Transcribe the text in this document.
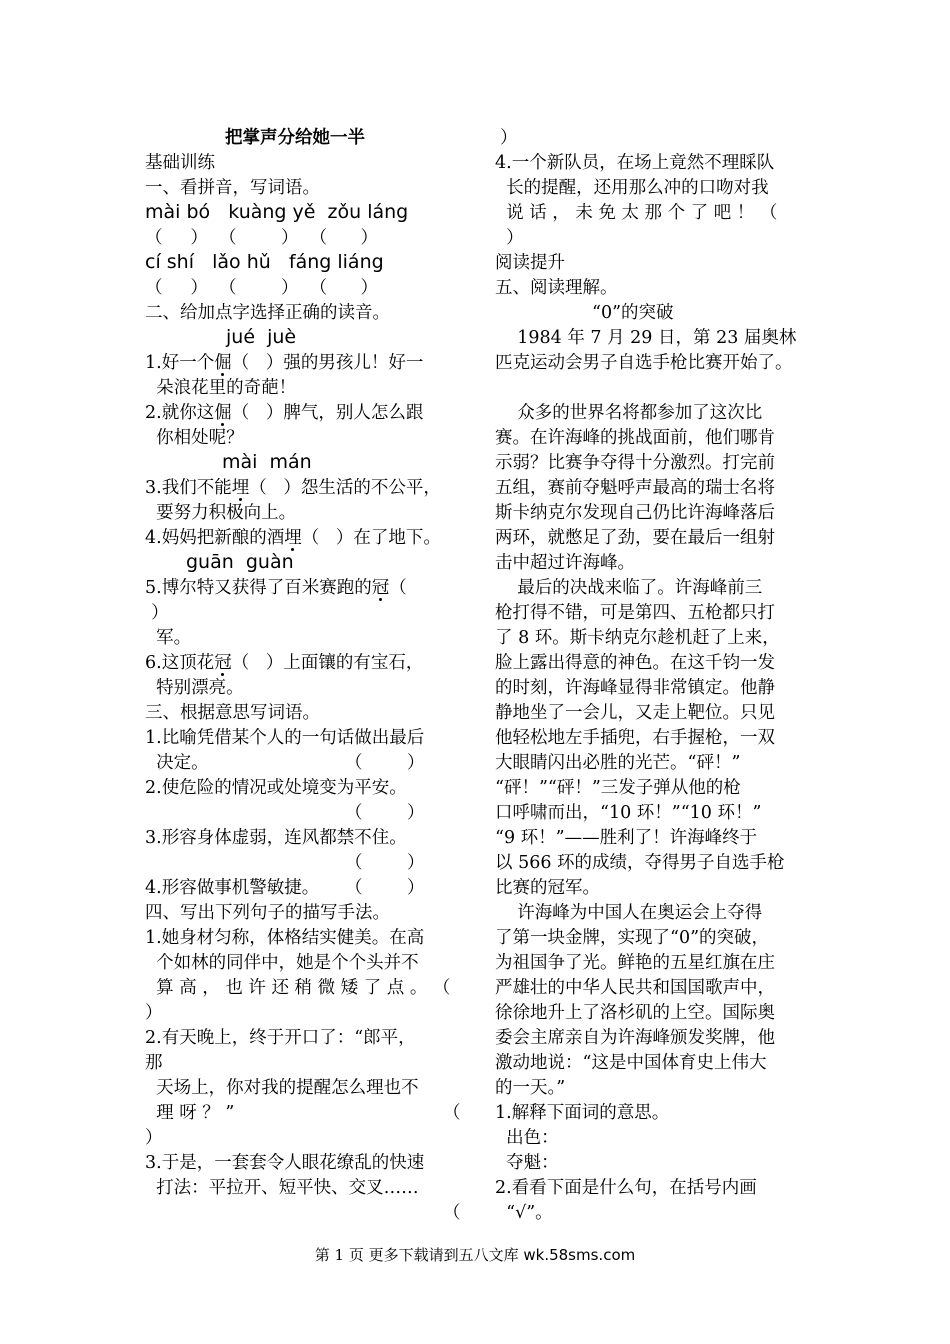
把掌声分给她一半
基础训练
一、看拼音，写词语。
mài bó   kuàng yě  zǒu láng
（     ）  （        ）  （      ）
cí shí   lǎo hǔ   fáng liáng
（     ）  （        ）  （      ）
二、给加点字选择正确的读音。
jué  juè
1.好一个倔（   ）强的男孩儿！好一
朵浪花里的奇葩！
2.就你这倔（   ）脾气，别人怎么跟
你相处呢？
mài  mán
3.我们不能埋（   ）怨生活的不公平，
要努力积极向上。
4.妈妈把新酿的酒埋（   ）在了地下。
guān  guàn
5.博尔特又获得了百米赛跑的冠（
）
军。
6.这顶花冠（   ）上面镶的有宝石，
特别漂亮。
三、根据意思写词语。
1.比喻凭借某个人的一句话做出最后
决定。	（        ）
2.使危险的情况或处境变为平安。
（        ）
3.形容身体虚弱，连风都禁不住。
（        ）
4.形容做事机警敏捷。 （        ）
四、写出下列句子的描写手法。
1.她身材匀称，体格结实健美。在高
个如林的同伴中，她是个个头并不
算 高 ， 也 许 还 稍 微 矮 了 点 。 （
）
2.有天晚上，终于开口了：“郎平，
那
天场上，你对我的提醒怎么理也不
理 呀 ？ ”	（
）
3.于是，一套套令人眼花缭乱的快速
打法：平拉开、短平快、交叉……
（
）
4.一个新队员，在场上竟然不理睬队
长的提醒，还用那么冲的口吻对我
说 话 ， 未 免 太 那 个 了 吧 ！ （
）
阅读提升
五、阅读理解。
“0”的突破
1984 年 7 月 29 日，第 23 届奥林
匹克运动会男子自选手枪比赛开始了。
众多的世界名将都参加了这次比
赛。在许海峰的挑战面前，他们哪肯
示弱？比赛争夺得十分激烈。打完前
五组，赛前夺魁呼声最高的瑞士名将
斯卡纳克尔发现自己仍比许海峰落后
两环，就憋足了劲，要在最后一组射
击中超过许海峰。
最后的决战来临了。许海峰前三
枪打得不错，可是第四、五枪都只打
了 8 环。斯卡纳克尔趁机赶了上来，
脸上露出得意的神色。在这千钧一发
的时刻，许海峰显得非常镇定。他静
静地坐了一会儿，又走上靶位。只见
他轻松地左手插兜，右手握枪，一双
大眼睛闪出必胜的光芒。“砰！”
“砰！”“砰！”三发子弹从他的枪
口呼啸而出，“10 环！”“10 环！”
“9 环！”——胜利了！许海峰终于
以 566 环的成绩，夺得男子自选手枪
比赛的冠军。
许海峰为中国人在奥运会上夺得
了第一块金牌，实现了“0”的突破，
为祖国争了光。鲜艳的五星红旗在庄
严雄壮的中华人民共和国国歌声中，
徐徐地升上了洛杉矶的上空。国际奥
委会主席亲自为许海峰颁发奖牌，他
激动地说：“这是中国体育史上伟大
的一天。”
1.解释下面词的意思。
出色：
夺魁：
2.看看下面是什么句，在括号内画
“√”。
第 1 页 更多下载请到五八文库 wk.58sms.com
